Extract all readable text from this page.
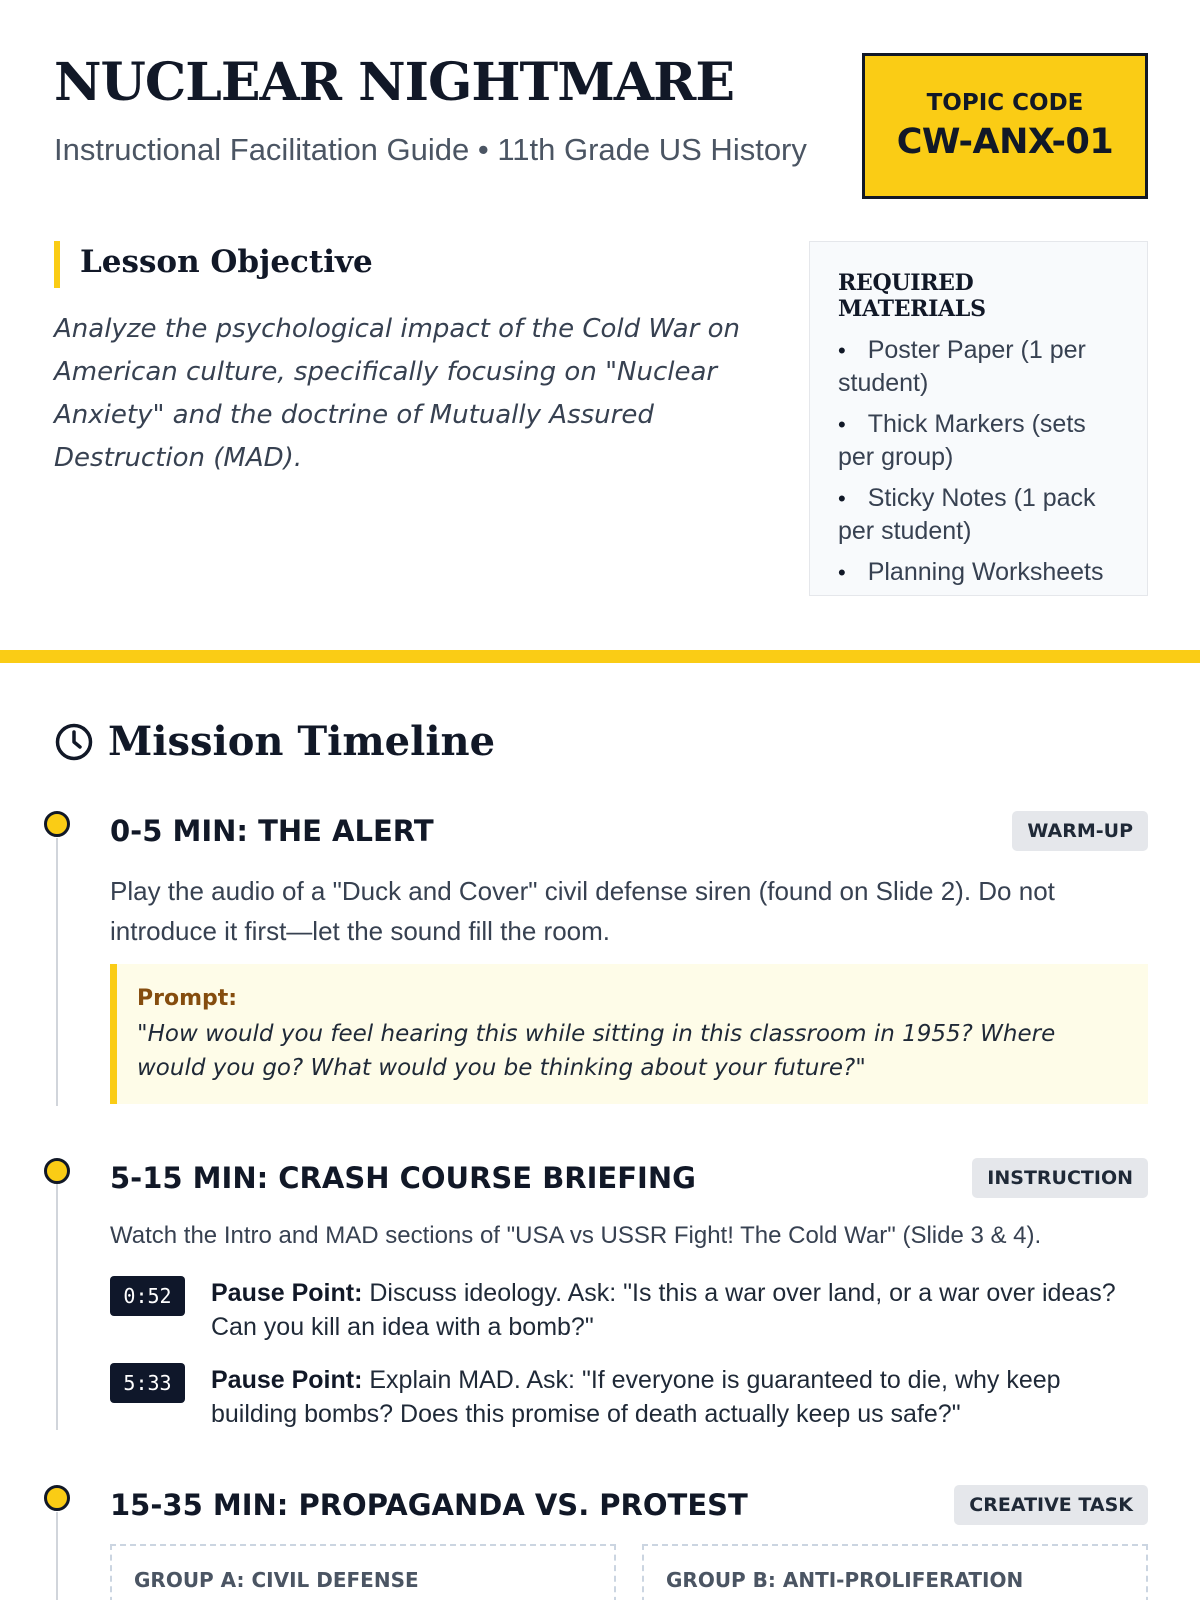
NUCLEAR NIGHTMARE
Instructional Facilitation Guide • 11th Grade US History
TOPIC CODE
CW-ANX-01
Lesson Objective
Analyze the psychological impact of the Cold War on American culture, specifically focusing on "Nuclear Anxiety" and the doctrine of Mutually Assured Destruction (MAD).
REQUIRED MATERIALS
• Poster Paper (1 per student)
• Thick Markers (sets per group)
• Sticky Notes (1 pack per student)
• Planning Worksheets
Mission Timeline
0-5 MIN: THE ALERT	WARM-UP
Play the audio of a "Duck and Cover" civil defense siren (found on Slide 2). Do not introduce it first—let the sound fill the room.
Prompt:
"How would you feel hearing this while sitting in this classroom in 1955? Where would you go? What would you be thinking about your future?"
5-15 MIN: CRASH COURSE BRIEFING	INSTRUCTION
Watch the Intro and MAD sections of "USA vs USSR Fight! The Cold War" (Slide 3 & 4).
0:52	Pause Point: Discuss ideology. Ask: "Is this a war over land, or a war over ideas? Can you kill an idea with a bomb?"
5:33	Pause Point: Explain MAD. Ask: "If everyone is guaranteed to die, why keep building bombs? Does this promise of death actually keep us safe?"
15-35 MIN: PROPAGANDA VS. PROTEST	CREATIVE TASK
GROUP A: CIVIL DEFENSE	GROUP B: ANTI-PROLIFERATION
